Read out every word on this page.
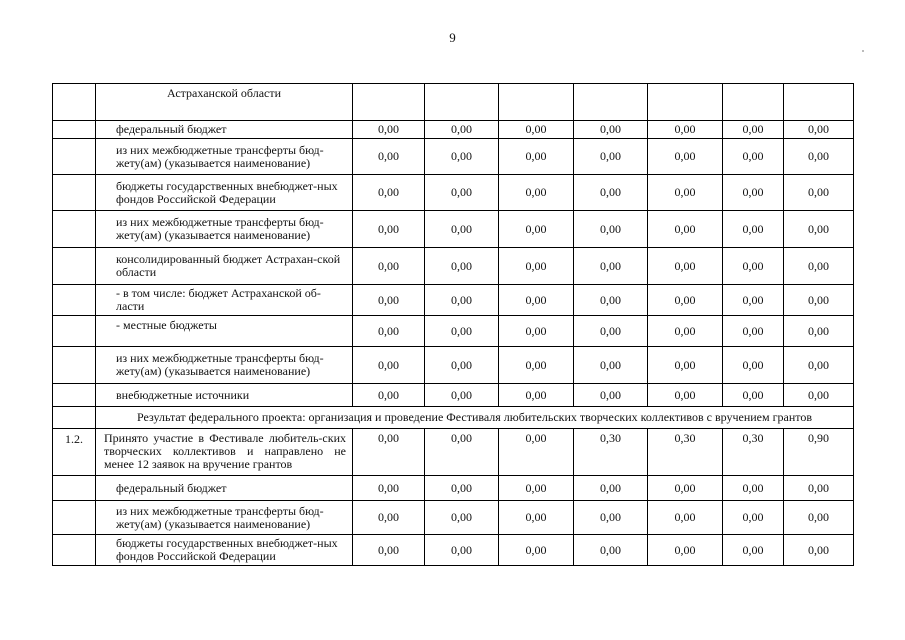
9
	Астраханской области							
	федеральный бюджет	0,00	0,00	0,00	0,00	0,00	0,00	0,00
	из них межбюджетные трансферты бюд-жету(ам) (указывается наименование)	0,00	0,00	0,00	0,00	0,00	0,00	0,00
	бюджеты государственных внебюджет-ных фондов Российской Федерации	0,00	0,00	0,00	0,00	0,00	0,00	0,00
	из них межбюджетные трансферты бюд-жету(ам) (указывается наименование)	0,00	0,00	0,00	0,00	0,00	0,00	0,00
	консолидированный бюджет Астрахан-ской области	0,00	0,00	0,00	0,00	0,00	0,00	0,00
	- в том числе: бюджет Астраханской об-ласти	0,00	0,00	0,00	0,00	0,00	0,00	0,00
	- местные бюджеты	0,00	0,00	0,00	0,00	0,00	0,00	0,00
	из них межбюджетные трансферты бюд-жету(ам) (указывается наименование)	0,00	0,00	0,00	0,00	0,00	0,00	0,00
	внебюджетные источники	0,00	0,00	0,00	0,00	0,00	0,00	0,00
	Результат федерального проекта: организация и проведение Фестиваля любительских творческих коллективов с вручением грантов							
1.2.	Принято участие в Фестивале любитель-ских творческих коллективов и направлено не менее 12 заявок на вручение грантов	0,00	0,00	0,00	0,30	0,30	0,30	0,90
	федеральный бюджет	0,00	0,00	0,00	0,00	0,00	0,00	0,00
	из них межбюджетные трансферты бюд-жету(ам) (указывается наименование)	0,00	0,00	0,00	0,00	0,00	0,00	0,00
	бюджеты государственных внебюджет-ных фондов Российской Федерации	0,00	0,00	0,00	0,00	0,00	0,00	0,00
